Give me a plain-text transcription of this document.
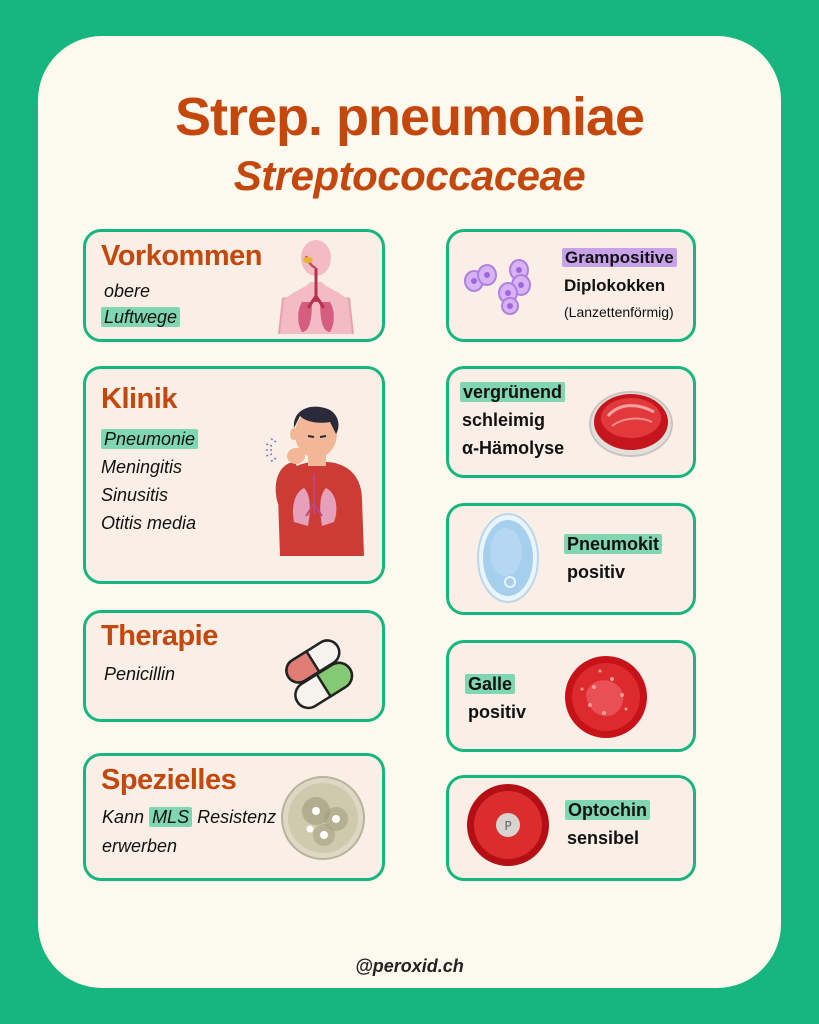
Strep. pneumoniae
Streptococcaceae

Vorkommen

obere

Luftwege

Klinik

Pneumonie

Meningitis

Sinusitis

Otitis media

Therapie

Penicillin

Spezielles

Kann MLS Resistenz

erwerben

Grampositive

Diplokokken

(Lanzettenförmig)

vergrünend

schleimig

α-Hämolyse

Pneumokit

positiv

Galle

positiv

P

Optochin

sensibel

@peroxid.ch
